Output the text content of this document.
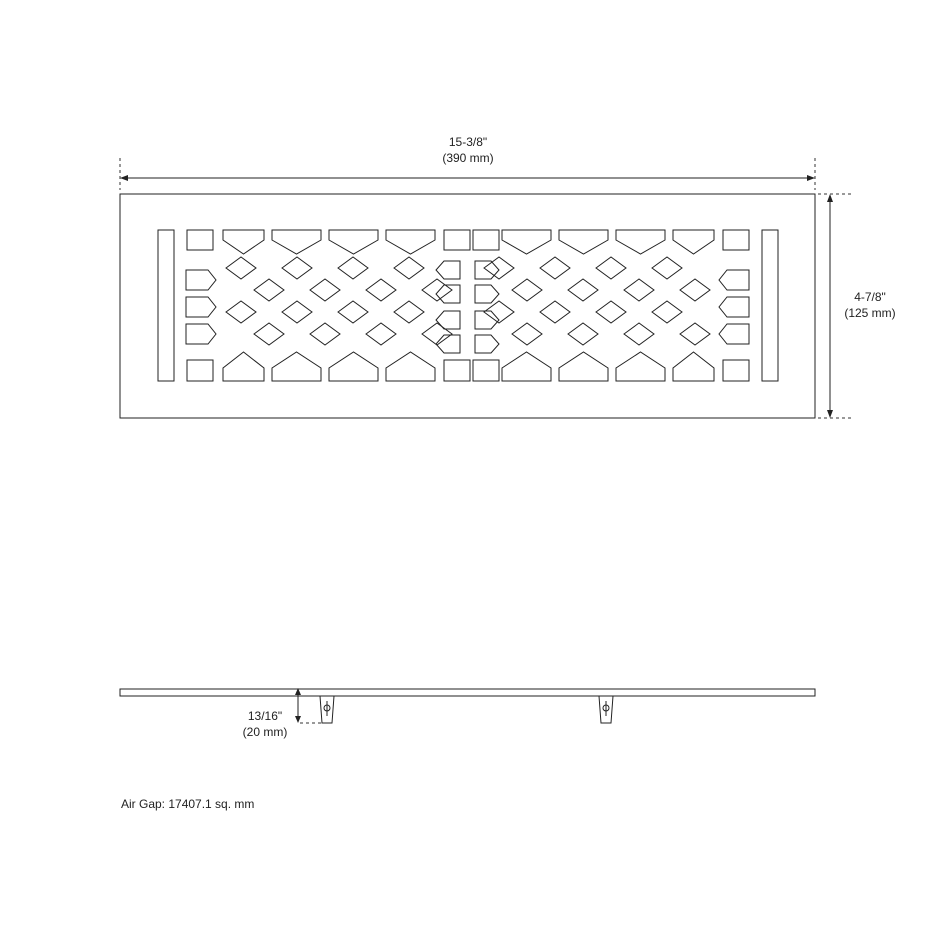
15-3/8"
(390 mm)
4-7/8"
(125 mm)
13/16"
(20 mm)
Air Gap: 17407.1 sq. mm
